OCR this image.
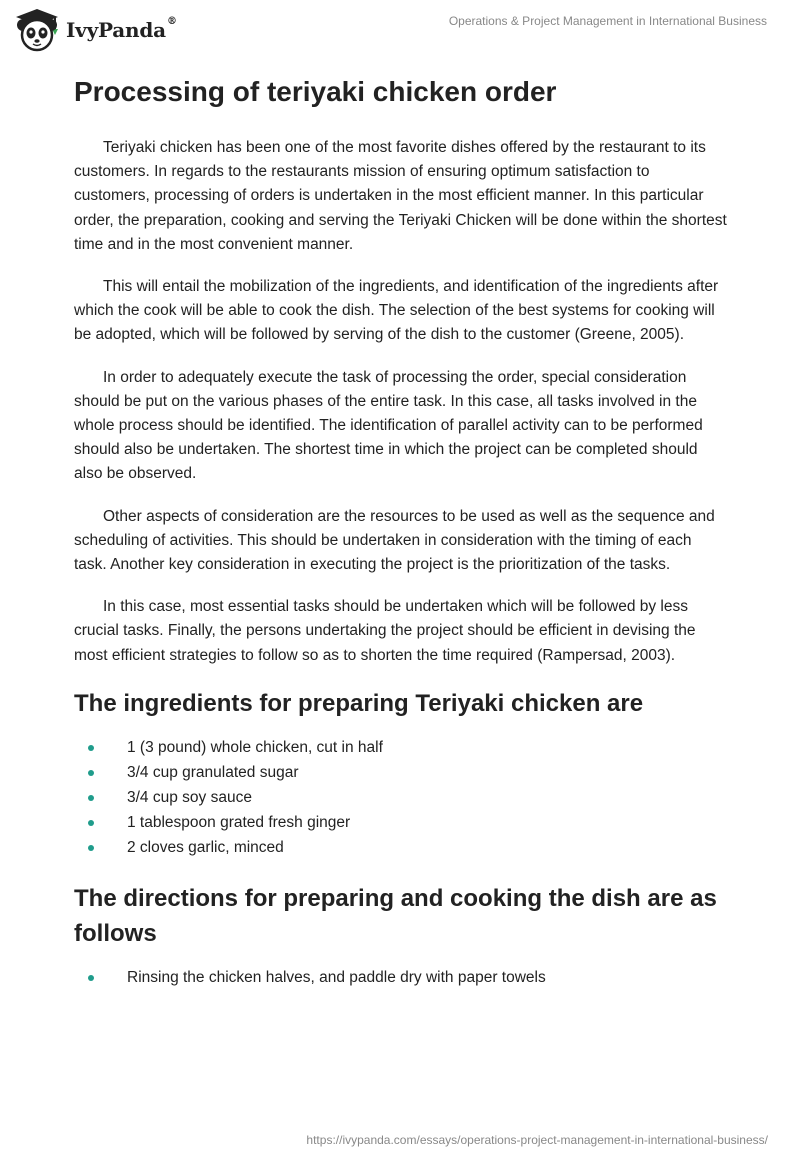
IvyPanda®	Operations & Project Management in International Business
Processing of teriyaki chicken order

Teriyaki chicken has been one of the most favorite dishes offered by the restaurant to its customers. In regards to the restaurants mission of ensuring optimum satisfaction to customers, processing of orders is undertaken in the most efficient manner. In this particular order, the preparation, cooking and serving the Teriyaki Chicken will be done within the shortest time and in the most convenient manner.

This will entail the mobilization of the ingredients, and identification of the ingredients after which the cook will be able to cook the dish. The selection of the best systems for cooking will be adopted, which will be followed by serving of the dish to the customer (Greene, 2005).

In order to adequately execute the task of processing the order, special consideration should be put on the various phases of the entire task. In this case, all tasks involved in the whole process should be identified. The identification of parallel activity can to be performed should also be undertaken. The shortest time in which the project can be completed should also be observed.

Other aspects of consideration are the resources to be used as well as the sequence and scheduling of activities. This should be undertaken in consideration with the timing of each task. Another key consideration in executing the project is the prioritization of the tasks.

In this case, most essential tasks should be undertaken which will be followed by less crucial tasks. Finally, the persons undertaking the project should be efficient in devising the most efficient strategies to follow so as to shorten the time required (Rampersad, 2003).

The ingredients for preparing Teriyaki chicken are
1 (3 pound) whole chicken, cut in half
3/4 cup granulated sugar
3/4 cup soy sauce
1 tablespoon grated fresh ginger
2 cloves garlic, minced
The directions for preparing and cooking the dish are as follows
Rinsing the chicken halves, and paddle dry with paper towels
https://ivypanda.com/essays/operations-project-management-in-international-business/
